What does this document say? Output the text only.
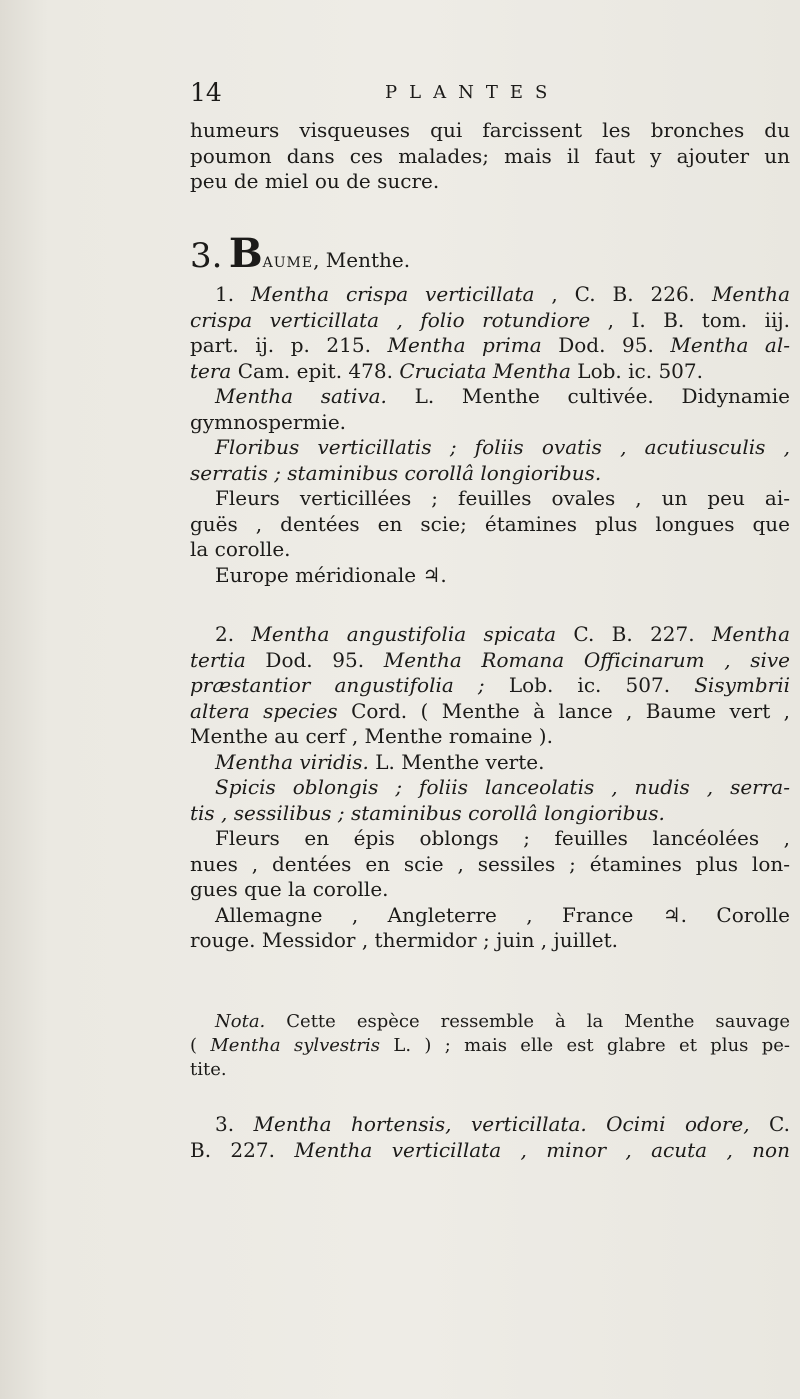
14	PLANTES
humeurs visqueuses qui farcissent les bronches du
poumon dans ces malades; mais il faut y ajouter un
peu de miel ou de sucre.
3. BAUME, Menthe.
1. Mentha crispa verticillata , C. B. 226. Mentha
crispa verticillata , folio rotundiore , I. B. tom. iij.
part. ij. p. 215. Mentha prima Dod. 95. Mentha al-
tera Cam. epit. 478. Cruciata Mentha Lob. ic. 507.
Mentha sativa. L. Menthe cultivée. Didynamie
gymnospermie.
Floribus verticillatis ; foliis ovatis , acutiusculis ,
serratis ; staminibus corollâ longioribus.
Fleurs verticillées ; feuilles ovales , un peu ai-
guës , dentées en scie; étamines plus longues que
la corolle.
Europe méridionale ♃.
2. Mentha angustifolia spicata C. B. 227. Mentha
tertia Dod. 95. Mentha Romana Officinarum , sive
præstantior angustifolia ; Lob. ic. 507. Sisymbrii
altera species Cord. ( Menthe à lance , Baume vert ,
Menthe au cerf , Menthe romaine ).
Mentha viridis. L. Menthe verte.
Spicis oblongis ; foliis lanceolatis , nudis , serra-
tis , sessilibus ; staminibus corollâ longioribus.
Fleurs en épis oblongs ; feuilles lancéolées ,
nues , dentées en scie , sessiles ; étamines plus lon-
gues que la corolle.
Allemagne , Angleterre , France ♃. Corolle
rouge. Messidor , thermidor ; juin , juillet.
Nota. Cette espèce ressemble à la Menthe sauvage
( Mentha sylvestris L. ) ; mais elle est glabre et plus pe-
tite.
3. Mentha hortensis, verticillata. Ocimi odore, C.
B. 227. Mentha verticillata , minor , acuta , non
